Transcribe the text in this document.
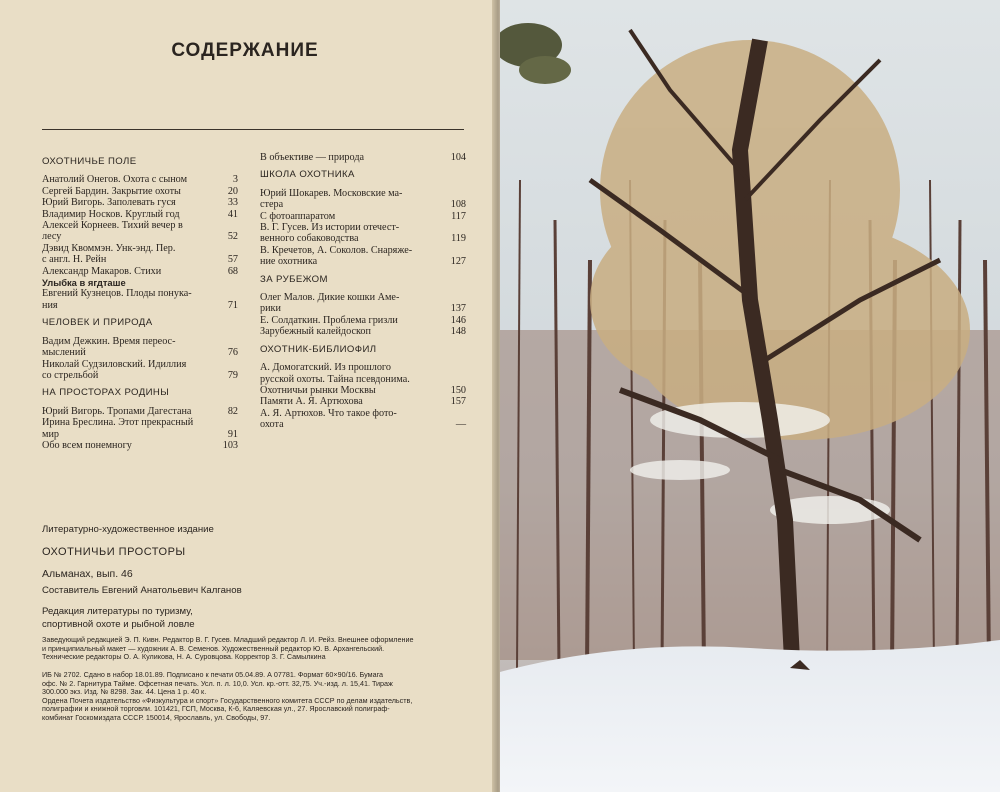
СОДЕРЖАНИЕ
ОХОТНИЧЬЕ ПОЛЕ
Анатолий Онегов. Охота с сыном	3
Сергей Бардин. Закрытие охоты	20
Юрий Вигорь. Заполевать гуся	33
Владимир Носков. Круглый год	41
Алексей Корнеев. Тихий вечер в
лесу	52
Дэвид Квоммэн. Унк-энд. Пер.
с англ. Н. Рейн	57
Александр Макаров. Стихи	68
Улыбка в ягдташе
Евгений Кузнецов. Плоды понука-
ния	71
ЧЕЛОВЕК И ПРИРОДА
Вадим Дежкин. Время переос-
мыслений	76
Николай Судзиловский. Идиллия
со стрельбой	79
НА ПРОСТОРАХ РОДИНЫ
Юрий Вигорь. Тропами Дагестана	82
Ирина Бреслина. Этот прекрасный
мир	91
Обо всем понемногу	103
В объективе — природа	104
ШКОЛА ОХОТНИКА
Юрий Шокарев. Московские ма-
стера	108
С фотоаппаратом	117
В. Г. Гусев. Из истории отечест-
венного собаководства	119
В. Кречетов, А. Соколов. Снаряже-
ние охотника	127
ЗА РУБЕЖОМ
Олег Малов. Дикие кошки Аме-
рики	137
Е. Солдаткин. Проблема гризли	146
Зарубежный калейдоскоп	148
ОХОТНИК-БИБЛИОФИЛ
А. Домогатский. Из прошлого
русской охоты. Тайна псевдонима.
Охотничьи рынки Москвы	150
Памяти А. Я. Артюхова	157
А. Я. Артюхов. Что такое фото-
охота	—
Литературно-художественное издание
ОХОТНИЧЬИ ПРОСТОРЫ
Альманах, вып. 46
Составитель Евгений Анатольевич Калганов
Редакция литературы по туризму,
спортивной охоте и рыбной ловле
Заведующий редакцией Э. П. Кивн. Редактор В. Г. Гусев. Младший редактор Л. И. Рейз. Внешнее оформление
и принципиальный макет — художник А. В. Семенов. Художественный редактор Ю. В. Архангельский.
Технические редакторы О. А. Куликова, Н. А. Суровцова. Корректор З. Г. Самылкина
ИБ № 2702. Сдано в набор 18.01.89. Подписано к печати 05.04.89. А 07781. Формат 60×90/16. Бумага
офс. № 2. Гарнитура Тайме. Офсетная печать. Усл. п. л. 10,0. Усл. кр.-отт. 32,75. Уч.-изд. л. 15,41. Тираж
300.000 экз. Изд. № 8298. Зак. 44. Цена 1 р. 40 к.
Ордена Почета издательство «Физкультура и спорт» Государственного комитета СССР по делам издательств,
полиграфии и книжной торговли. 101421, ГСП, Москва, К-6, Каляевская ул., 27. Ярославский полиграф-
комбинат Госкомиздата СССР. 150014, Ярославль, ул. Свободы, 97.
